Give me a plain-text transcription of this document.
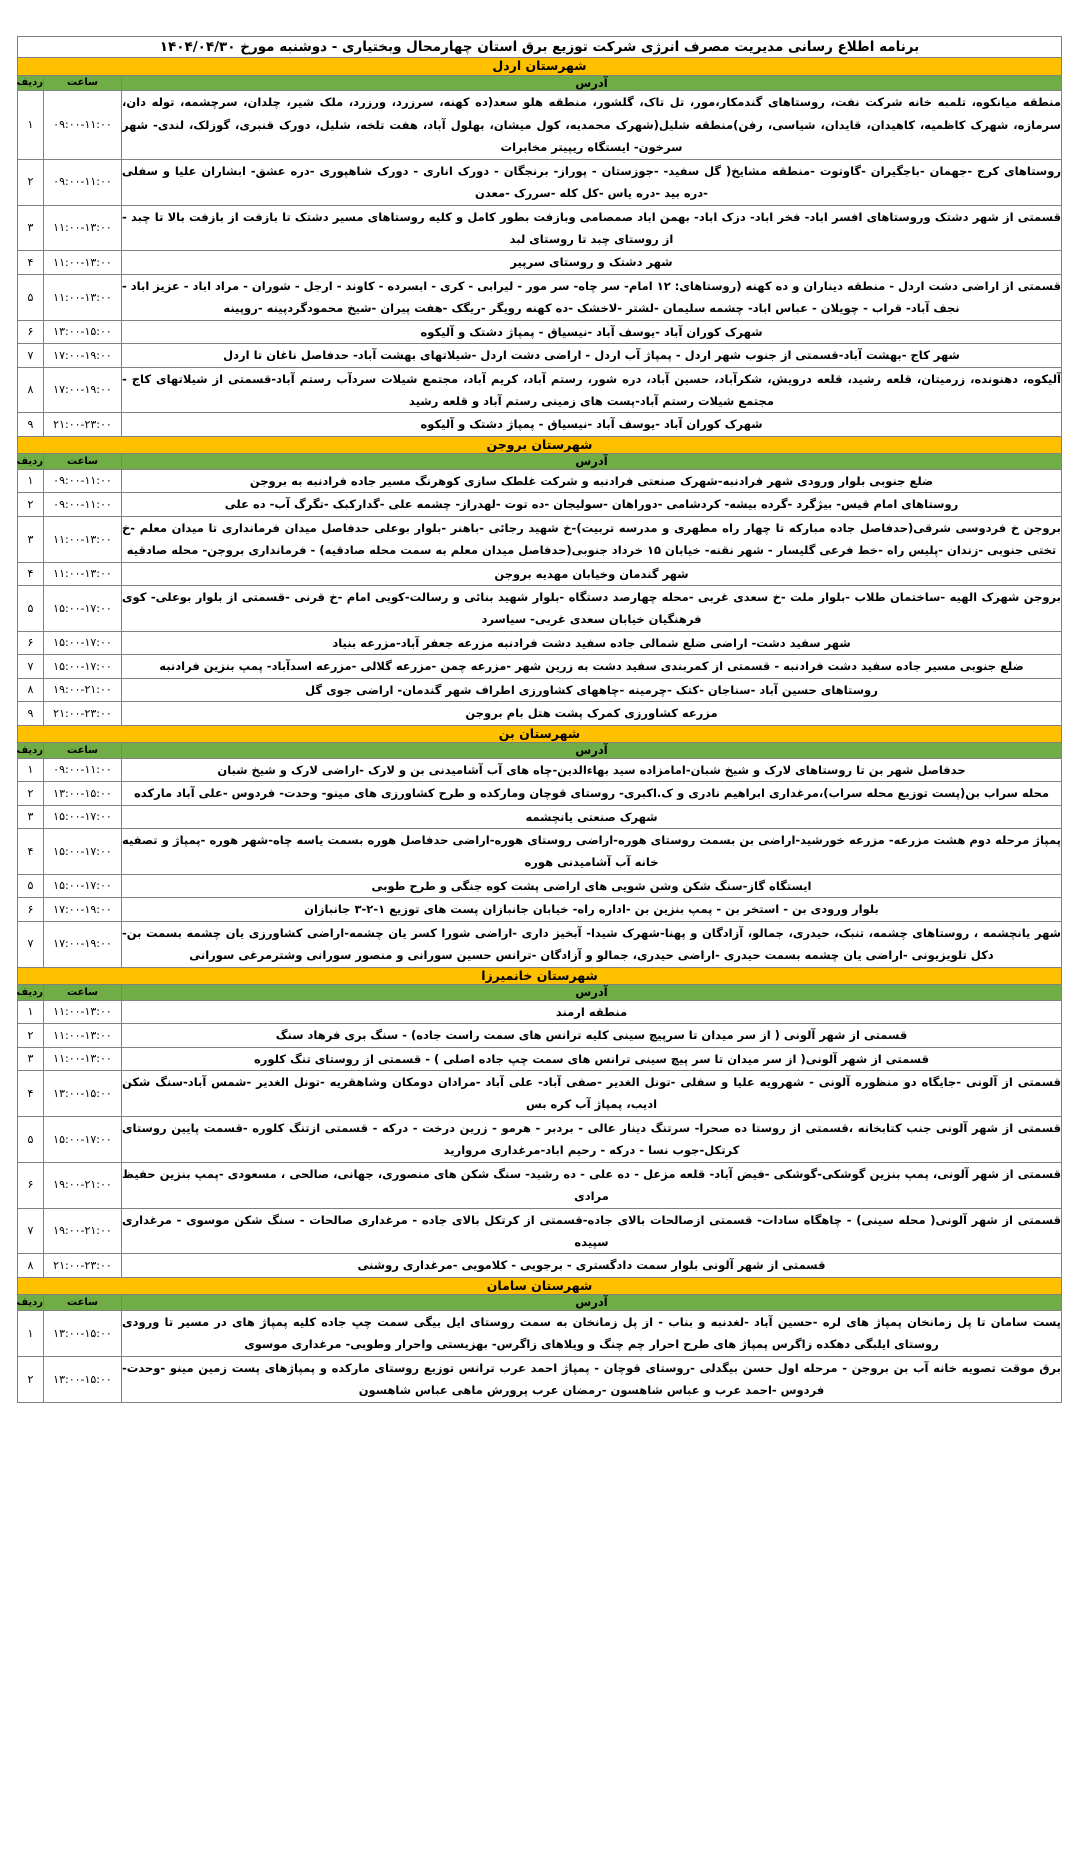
برنامه اطلاع رسانی مدیریت مصرف انرژی شرکت توزیع برق استان چهارمحال وبختیاری - دوشنبه مورخ ۱۴۰۴/۰۴/۳۰		
شهرستان اردل		
آدرس	ساعت	ردیف
منطقه میانکوه، تلمبه خانه شرکت نفت، روستاهای گندمکار،مور، تل تاک، گلشور، منطقه هلو سعد(ده کهنه، سرزرد، ورزرد، ملک شیر، چلدان، سرچشمه، توله دان، سرمازه، شهرک کاظمیه، کاهیدان، قایدان، شیاسی، رفن)منطقه شلیل(شهرک محمدیه، کول میشان، بهلول آباد، هفت تلخه، شلیل، دورک قنبری، گوزلک، لندی- شهر سرخون- ایستگاه ریپیتر مخابرات	۰۹:۰۰-۱۱:۰۰	۱
روستاهای کرج -جهمان -باجگیران -گاوتوت -منطقه مشایخ( گل سفید- -جوزستان - پوراز- برنجگان - دورک اناری - دورک شاهپوری -دره عشق- ابشاران علیا و سفلی -دره بید -دره یاس -کل کله -سررک -معدن	۰۹:۰۰-۱۱:۰۰	۲
قسمتی از شهر دشتک وروستاهای افسر اباد- فخر اباد- دزک اباد- بهمن اباد صمصامی وبازفت بطور کامل و کلیه روستاهای مسیر دشتک تا بازفت از بازفت بالا تا چبد - از روستای چبد تا روستای لبد	۱۱:۰۰-۱۳:۰۰	۳
شهر دشتک و روستای سرپیر	۱۱:۰۰-۱۳:۰۰	۴
قسمتی از اراضی دشت اردل - منطقه دیناران و ده کهنه (روستاهای: ۱۲ امام- سر چاه- سر مور - لیرابی - کری - ابسرده - کاوند - ارجل - شوران - مراد اباد - عزیز اباد - نجف آباد- قراب - چویلان - عباس اباد- چشمه سلیمان -لشتر -لاخشک -ده کهنه رویگر -ریگک -هفت پیران -شیخ محمودگردپینه -روپینه	۱۱:۰۰-۱۳:۰۰	۵
شهرک کوران آباد -یوسف آباد -نیسیاق - پمپاژ دشتک و آلیکوه	۱۳:۰۰-۱۵:۰۰	۶
شهر کاج -بهشت آباد-قسمتی از جنوب شهر اردل - پمپاژ آب اردل - اراضی دشت اردل -شیلاتهای بهشت آباد- حدفاصل ناغان تا اردل	۱۷:۰۰-۱۹:۰۰	۷
آلیکوه، دهنونده، زرمیتان، قلعه رشید، قلعه درویش، شکرآباد، حسین آباد، دره شور، رستم آباد، کریم آباد، مجتمع شیلات سردآب رستم آباد-قسمتی از شیلاتهای کاج - مجتمع شیلات رستم آباد-پست های زمینی رستم آباد و قلعه رشید	۱۷:۰۰-۱۹:۰۰	۸
شهرک کوران آباد -یوسف آباد -نیسیاق - پمپاژ دشتک و آلیکوه	۲۱:۰۰-۲۳:۰۰	۹
شهرستان بروجن		
آدرس	ساعت	ردیف
ضلع جنوبی بلوار ورودی شهر فرادنبه-شهرک صنعتی فرادنبه و شرکت غلطک سازی کوهرنگ مسیر جاده فرادنبه به بروجن	۰۹:۰۰-۱۱:۰۰	۱
روستاهای امام قیس- بیژگرد -گرده بیشه- کردشامی -دوراهان -سولیجان -ده توت -لهدراز- چشمه علی -گدارکبک -تگرگ آب- ده علی	۰۹:۰۰-۱۱:۰۰	۲
بروجن خ فردوسی شرقی(حدفاصل جاده مبارکه تا چهار راه مطهری و مدرسه تربیت)-خ شهید رجائی -باهنر -بلوار بوعلی حدفاصل میدان فرمانداری تا میدان معلم -خ تختی جنوبی -زندان -پلیس راه -خط فرعی گلیسار - شهر نقنه- خیابان ۱۵ خرداد جنوبی(حدفاصل میدان معلم به سمت محله صادقیه) - فرمانداری بروجن- محله صادقیه	۱۱:۰۰-۱۳:۰۰	۳
شهر گندمان وخیابان مهدیه بروجن	۱۱:۰۰-۱۳:۰۰	۴
بروجن شهرک الهیه -ساختمان طلاب -بلوار ملت -خ سعدی غربی -محله چهارصد دستگاه -بلوار شهید بنائی و رسالت-کویی امام -خ قرنی -قسمتی از بلوار بوعلی- کوی فرهنگیان خیابان سعدی غربی- سیاسرد	۱۵:۰۰-۱۷:۰۰	۵
شهر سفید دشت- اراضی ضلع شمالی جاده سفید دشت فرادنبه مزرعه جعفر آباد-مزرعه بنیاد	۱۵:۰۰-۱۷:۰۰	۶
ضلع جنوبی مسیر جاده سفید دشت فرادنبه - قسمتی از کمربندی سفید دشت به زرین شهر -مزرعه چمن -مزرعه گلالی -مزرعه اسدآباد- پمپ بنزین فرادنبه	۱۵:۰۰-۱۷:۰۰	۷
روستاهای حسین آباد -سناجان -کتک -چرمینه -چاههای کشاورزی اطراف شهر گندمان- اراضی جوی گل	۱۹:۰۰-۲۱:۰۰	۸
مزرعه کشاورزی کمرک پشت هتل بام بروجن	۲۱:۰۰-۲۳:۰۰	۹
شهرستان بن		
آدرس	ساعت	ردیف
حدفاصل شهر بن تا روستاهای لارک و شیخ شبان-امامزاده سید بهاءالدین-چاه های آب آشامیدنی بن و لارک -اراضی لارک و شیخ شبان	۰۹:۰۰-۱۱:۰۰	۱
محله سراب بن(پست توزیع محله سراب)،مرغداری ابراهیم نادری و ک.اکبری- روستای قوچان ومارکده و طرح کشاورزی های مینو- وحدت- فردوس -علی آباد مارکده	۱۳:۰۰-۱۵:۰۰	۲
شهرک صنعتی یانچشمه	۱۵:۰۰-۱۷:۰۰	۳
پمپاژ مرحله دوم هشت مزرعه- مزرعه خورشید-اراضی بن بسمت روستای هوره-اراضی روستای هوره-اراضی حدفاصل هوره بسمت یاسه چاه-شهر هوره -پمپاژ و تصفیه خانه آب آشامیدنی هوره	۱۵:۰۰-۱۷:۰۰	۴
ایستگاه گاز-سنگ شکن وشن شویی های اراضی پشت کوه جنگی و طرح طوبی	۱۵:۰۰-۱۷:۰۰	۵
بلوار ورودی بن - استخر بن - پمپ بنزین بن -اداره راه- خیابان جانبازان پست های توزیع ۱-۲-۳ جانبازان	۱۷:۰۰-۱۹:۰۰	۶
شهر یانچشمه ، روستاهای چشمه، تنبک، حیدری، جمالو، آزادگان و پهنا-شهرک شیدا- آبخیز داری -اراضی شورا کسر یان چشمه-اراضی کشاورزی یان چشمه بسمت بن-دکل تلویزیونی -اراضی یان چشمه بسمت حیدری -اراضی حیدری، جمالو و آزادگان -ترانس حسین سورانی و منصور سورانی وشترمرغی سورانی	۱۷:۰۰-۱۹:۰۰	۷
شهرستان خانمیرزا		
آدرس	ساعت	ردیف
منطقه ارمند	۱۱:۰۰-۱۳:۰۰	۱
قسمتی از شهر آلونی ( از سر میدان تا سرپیچ سینی کلیه ترانس های سمت راست جاده) - سنگ بری فرهاد سنگ	۱۱:۰۰-۱۳:۰۰	۲
قسمتی از شهر آلونی( از سر میدان تا سر پیچ سینی ترانس های سمت چپ جاده اصلی ) - قسمتی از روستای تنگ کلوره	۱۱:۰۰-۱۳:۰۰	۳
قسمتی از آلونی -جایگاه دو منظوره آلونی - شهرویه علیا و سفلی -تونل الغدیر -صفی آباد- علی آباد -مرادان دومکان وشاهقریه -تونل الغدیر -شمس آباد-سنگ شکن ادیب، پمپاژ آب کره بس	۱۳:۰۰-۱۵:۰۰	۴
قسمتی از شهر آلونی جنب کتابخانه ،قسمتی از روستا ده صحرا- سرتنگ دینار عالی - بردبر - هرمو - زرین درخت - درکه - قسمتی ازتنگ کلوره -قسمت پایین روستای کرتکل-جوب نسا - درکه - رحیم اباد-مرغداری مروارید	۱۵:۰۰-۱۷:۰۰	۵
قسمتی از شهر آلونی، پمپ بنزین گوشکی-گوشکی -فیض آباد- قلعه مزعل - ده علی - ده رشید- سنگ شکن های منصوری، جهانی، صالحی ، مسعودی -پمپ بنزین حفیظ مرادی	۱۹:۰۰-۲۱:۰۰	۶
قسمتی از شهر آلونی( محله سینی) - چاهگاه سادات- قسمتی ازصالحات بالای جاده-قسمتی از کرتکل بالای جاده - مرغداری صالحات - سنگ شکن موسوی - مرغداری سپیده	۱۹:۰۰-۲۱:۰۰	۷
قسمتی از شهر آلونی بلوار سمت دادگستری - برجویی - کلامویی -مرغداری روشنی	۲۱:۰۰-۲۳:۰۰	۸
شهرستان سامان		
آدرس	ساعت	ردیف
پست سامان تا پل زمانخان پمپاژ های لره -حسین آباد -لغدنبه و بناب - از پل زمانخان به سمت روستای ایل بیگی سمت چپ جاده کلیه پمپاژ های در مسیر تا ورودی روستای ایلبگی دهکده زاگرس پمپاژ های طرح احرار چم چنگ و ویلاهای زاگرس- بهزیستی واحرار وطوبی- مرغداری موسوی	۱۳:۰۰-۱۵:۰۰	۱
برق موقت تصویه خانه آب بن بروجن - مرحله اول حسن بیگدلی -روستای قوچان - پمپاژ احمد عرب ترانس توزیع روستای مارکده و پمپاژهای پست زمین مینو -وحدت- فردوس -احمد عرب و عباس شاهسون -رمضان عرب پرورش ماهی عباس شاهسون	۱۳:۰۰-۱۵:۰۰	۲
